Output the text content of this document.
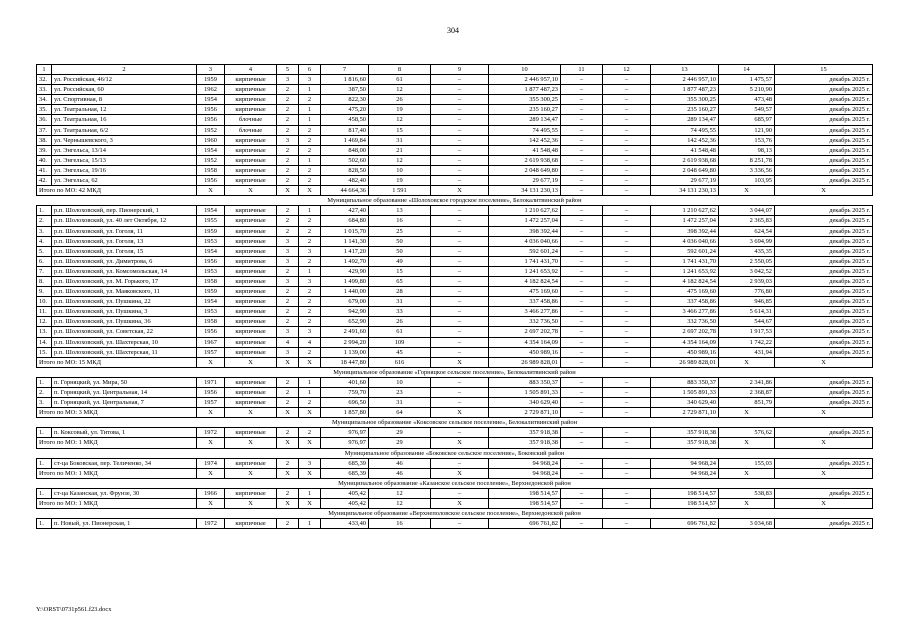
304
1	2	3	4	5	6	7	8	9	10	11	12	13	14	15
32.	ул. Российская, 46/12	1959	кирпичные	3	3	1 816,60	61	–	2 446 957,10	–	–	2 446 957,10	1 475,57	декабрь 2025 г.
33.	ул. Российская, 60	1962	кирпичные	2	1	387,50	12	–	1 877 487,23	–	–	1 877 487,23	5 210,90	декабрь 2025 г.
34.	ул. Спортивная, 8	1954	кирпичные	2	2	822,30	26	–	355 300,25	–	–	355 300,25	473,48	декабрь 2025 г.
35.	ул. Театральная, 12	1956	кирпичные	2	1	475,20	19	–	235 160,27	–	–	235 160,27	549,57	декабрь 2025 г.
36.	ул. Театральная, 16	1956	блочные	2	1	458,50	12	–	289 134,47	–	–	289 134,47	685,97	декабрь 2025 г.
37.	ул. Театральная, 6/2	1952	блочные	2	2	817,40	15	–	74 495,55	–	–	74 495,55	121,90	декабрь 2025 г.
38.	ул. Чернышевского, 3	1960	кирпичные	3	2	1 469,84	31	–	142 452,36	–	–	142 452,36	153,76	декабрь 2025 г.
39.	ул. Энгельса, 13/14	1954	кирпичные	2	2	848,00	21	–	41 548,48	–	–	41 548,48	98,13	декабрь 2025 г.
40.	ул. Энгельса, 15/13	1952	кирпичные	2	1	502,60	12	–	2 619 938,68	–	–	2 619 938,68	8 251,78	декабрь 2025 г.
41.	ул. Энгельса, 19/16	1958	кирпичные	2	2	828,50	10	–	2 048 649,80	–	–	2 048 649,80	3 336,56	декабрь 2025 г.
42.	ул. Энгельса, 62	1956	кирпичные	2	2	482,40	19	–	29 677,19	–	–	29 677,19	103,95	декабрь 2025 г.
Итого по МО: 42 МКД		Х	Х	Х	Х	44 664,36	1 591	Х	34 131 230,13	–	–	34 131 230,13	Х	Х
Муниципальное образование «Шолоховское городское поселение», Белокалитвинский район														
1.	р.п. Шолоховский, пер. Пионерский, 1	1954	кирпичные	2	1	427,40	13	–	1 210 627,62	–	–	1 210 627,62	3 044,07	декабрь 2025 г.
2.	р.п. Шолоховский, ул. 40 лет Октября, 12	1955	кирпичные	2	2	684,80	16	–	1 472 257,04	–	–	1 472 257,04	2 365,83	декабрь 2025 г.
3.	р.п. Шолоховский, ул. Гоголя, 11	1959	кирпичные	2	2	1 015,70	25	–	398 392,44	–	–	398 392,44	624,54	декабрь 2025 г.
4.	р.п. Шолоховский, ул. Гоголя, 13	1953	кирпичные	3	2	1 141,30	50	–	4 036 040,66	–	–	4 036 040,66	3 694,99	декабрь 2025 г.
5.	р.п. Шолоховский, ул. Гоголя, 15	1954	кирпичные	3	3	1 417,20	50	–	592 601,24	–	–	592 601,24	435,35	декабрь 2025 г.
6.	р.п. Шолоховский, ул. Димитрова, 6	1956	кирпичные	3	2	1 492,70	49	–	1 741 431,70	–	–	1 741 431,70	2 550,05	декабрь 2025 г.
7.	р.п. Шолоховский, ул. Комсомольская, 14	1953	кирпичные	2	1	429,90	15	–	1 241 653,92	–	–	1 241 653,92	3 042,52	декабрь 2025 г.
8.	р.п. Шолоховский, ул. М. Горького, 17	1958	кирпичные	3	3	1 499,80	65	–	4 182 824,54	–	–	4 182 824,54	2 939,03	декабрь 2025 г.
9.	р.п. Шолоховский, ул. Маяковского, 11	1959	кирпичные	2	2	1 440,00	28	–	475 169,60	–	–	475 169,60	776,80	декабрь 2025 г.
10.	р.п. Шолоховский, ул. Пушкина, 22	1954	кирпичные	2	2	679,00	31	–	337 458,86	–	–	337 458,86	946,85	декабрь 2025 г.
11.	р.п. Шолоховский, ул. Пушкина, 3	1953	кирпичные	2	2	942,90	33	–	3 466 277,86	–	–	3 466 277,86	5 614,31	декабрь 2025 г.
12.	р.п. Шолоховский, ул. Пушкина, 36	1958	кирпичные	2	2	652,90	26	–	332 736,50	–	–	332 736,50	544,67	декабрь 2025 г.
13.	р.п. Шолоховский, ул. Советская, 22	1956	кирпичные	3	3	2 491,60	61	–	2 697 202,78	–	–	2 697 202,78	1 917,53	декабрь 2025 г.
14.	р.п. Шолоховский, ул. Шахтерская, 10	1967	кирпичные	4	4	2 994,20	109	–	4 354 164,09	–	–	4 354 164,09	1 742,22	декабрь 2025 г.
15.	р.п. Шолоховский, ул. Шахтерская, 11	1957	кирпичные	3	2	1 139,00	45	–	450 989,16	–	–	450 989,16	431,94	декабрь 2025 г.
Итого по МО: 15 МКД		Х	Х	Х	Х	18 447,80	616	Х	26 989 828,01	–	–	26 989 828,01	Х	Х
Муниципальное образование «Горняцкое сельское поселение», Белокалитвинский район														
1.	п. Горняцкий, ул. Мира, 50	1971	кирпичные	2	1	401,60	10	–	883 350,37	–	–	883 350,37	2 341,86	декабрь 2025 г.
2.	п. Горняцкий, ул. Центральная, 14	1956	кирпичные	2	1	759,70	23	–	1 505 891,33	–	–	1 505 891,33	2 368,87	декабрь 2025 г.
3.	п. Горняцкий, ул. Центральная, 7	1957	кирпичные	2	2	696,50	31	–	340 629,40	–	–	340 629,40	851,79	декабрь 2025 г.
Итого по МО: 3 МКД		Х	Х	Х	Х	1 857,80	64	Х	2 729 871,10	–	–	2 729 871,10	Х	Х
Муниципальное образование «Коксовское сельское поселение», Белокалитвинский район														
1.	п. Коксовый, ул. Титова, 1	1972	кирпичные	2	2	976,97	29	–	357 918,38	–	–	357 918,38	576,62	декабрь 2025 г.
Итого по МО: 1 МКД		Х	Х	Х	Х	976,97	29	Х	357 918,38	–	–	357 918,38	Х	Х
Муниципальное образование «Боковское сельское поселение», Боковский район														
1.	ст-ца Боковская, пер. Теличенко, 34	1974	кирпичные	2	3	685,39	46	–	94 968,24	–	–	94 968,24	155,03	декабрь 2025 г.
Итого по МО: 1 МКД		Х	Х	Х	Х	685,39	46	Х	94 968,24	–	–	94 968,24	Х	Х
Муниципальное образование «Казанское сельское поселение», Верхнедонской район														
1.	ст-ца Казанская, ул. Фрунзе, 30	1966	кирпичные	2	1	405,42	12	–	198 514,57	–	–	198 514,57	538,83	декабрь 2025 г.
Итого по МО: 1 МКД		Х	Х	Х	Х	405,42	12	Х	198 514,57	–	–	198 514,57	Х	Х
Муниципальное образование «Верхнеполовское сельское поселение», Верхнедонской район														
1.	п. Новый, ул. Пионерская, 1	1972	кирпичные	2	1	433,40	16	–	696 761,82	–	–	696 761,82	3 034,68	декабрь 2025 г.
Y:\ORST\0731p561.f23.docx
